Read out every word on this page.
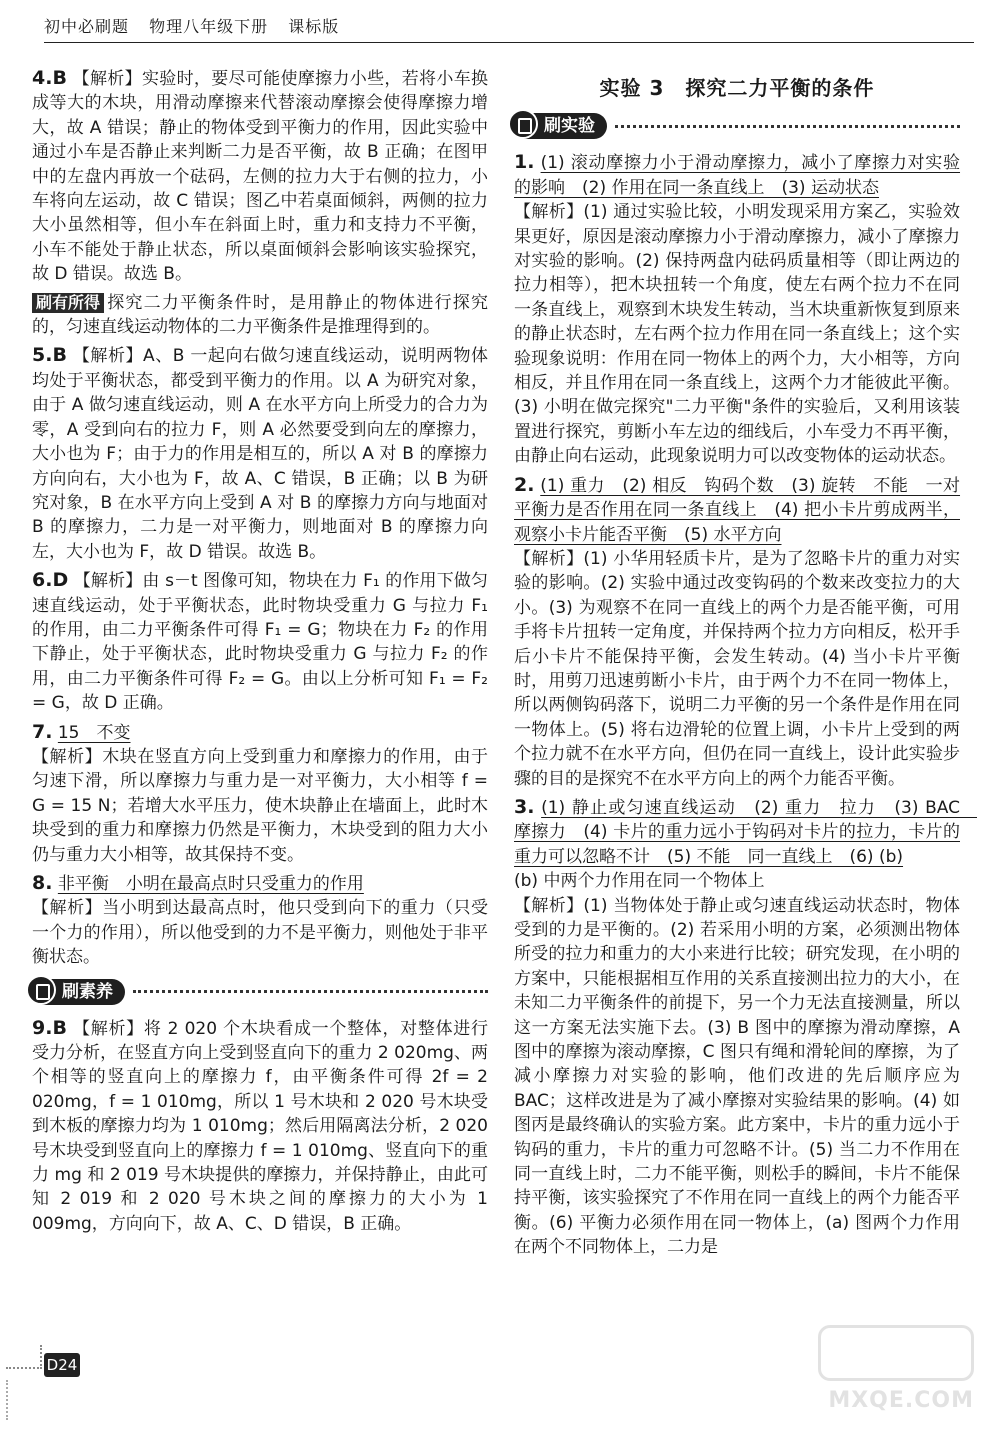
初中必刷题 物理八年级下册 课标版
4.B 【解析】实验时，要尽可能使摩擦力小些，若将小车换成等大的木块，用滑动摩擦来代替滚动摩擦会使得摩擦力增大，故 A 错误；静止的物体受到平衡力的作用，因此实验中通过小车是否静止来判断二力是否平衡，故 B 正确；在图甲中的左盘内再放一个砝码，左侧的拉力大于右侧的拉力，小车将向左运动，故 C 错误；图乙中若桌面倾斜，两侧的拉力大小虽然相等，但小车在斜面上时，重力和支持力不平衡，小车不能处于静止状态，所以桌面倾斜会影响该实验探究，故 D 错误。故选 B。
刷有所得 探究二力平衡条件时，是用静止的物体进行探究的，匀速直线运动物体的二力平衡条件是推理得到的。
5.B 【解析】A、B 一起向右做匀速直线运动，说明两物体均处于平衡状态，都受到平衡力的作用。以 A 为研究对象，由于 A 做匀速直线运动，则 A 在水平方向上所受力的合力为零，A 受到向右的拉力 F，则 A 必然要受到向左的摩擦力，大小也为 F；由于力的作用是相互的，所以 A 对 B 的摩擦力方向向右，大小也为 F，故 A、C 错误，B 正确；以 B 为研究对象，B 在水平方向上受到 A 对 B 的摩擦力方向与地面对 B 的摩擦力，二力是一对平衡力，则地面对 B 的摩擦力向左，大小也为 F，故 D 错误。故选 B。
6.D 【解析】由 s－t 图像可知，物块在力 F₁ 的作用下做匀速直线运动，处于平衡状态，此时物块受重力 G 与拉力 F₁ 的作用，由二力平衡条件可得 F₁ = G；物块在力 F₂ 的作用下静止，处于平衡状态，此时物块受重力 G 与拉力 F₂ 的作用，由二力平衡条件可得 F₂ = G。由以上分析可知 F₁ = F₂ = G，故 D 正确。
7. 15　不变
【解析】木块在竖直方向上受到重力和摩擦力的作用，由于匀速下滑，所以摩擦力与重力是一对平衡力，大小相等 f = G = 15 N；若增大水平压力，使木块静止在墙面上，此时木块受到的重力和摩擦力仍然是平衡力，木块受到的阻力大小仍与重力大小相等，故其保持不变。
8. 非平衡　小明在最高点时只受重力的作用
【解析】当小明到达最高点时，他只受到向下的重力（只受一个力的作用），所以他受到的力不是平衡力，则他处于非平衡状态。
刷素养
9.B 【解析】将 2 020 个木块看成一个整体，对整体进行受力分析，在竖直方向上受到竖直向下的重力 2 020mg、两个相等的竖直向上的摩擦力 f，由平衡条件可得 2f = 2 020mg，f = 1 010mg，所以 1 号木块和 2 020 号木块受到木板的摩擦力均为 1 010mg；然后用隔离法分析，2 020 号木块受到竖直向上的摩擦力 f = 1 010mg、竖直向下的重力 mg 和 2 019 号木块提供的摩擦力，并保持静止，由此可知 2 019 和 2 020 号木块之间的摩擦力的大小为 1 009mg，方向向下，故 A、C、D 错误，B 正确。
实验 3　探究二力平衡的条件
刷实验
1. (1) 滚动摩擦力小于滑动摩擦力，减小了摩擦力对实验的影响　(2) 作用在同一条直线上　(3) 运动状态
【解析】(1) 通过实验比较，小明发现采用方案乙，实验效果更好，原因是滚动摩擦力小于滑动摩擦力，减小了摩擦力对实验的影响。(2) 保持两盘内砝码质量相等（即让两边的拉力相等），把木块扭转一个角度，使左右两个拉力不在同一条直线上，观察到木块发生转动，当木块重新恢复到原来的静止状态时，左右两个拉力作用在同一条直线上；这个实验现象说明：作用在同一物体上的两个力，大小相等，方向相反，并且作用在同一条直线上，这两个力才能彼此平衡。(3) 小明在做完探究"二力平衡"条件的实验后，又利用该装置进行探究，剪断小车左边的细线后，小车受力不再平衡，由静止向右运动，此现象说明力可以改变物体的运动状态。
2. (1) 重力　(2) 相反　钩码个数　(3) 旋转　不能　一对平衡力是否作用在同一条直线上　(4) 把小卡片剪成两半，观察小卡片能否平衡　(5) 水平方向
【解析】(1) 小华用轻质卡片，是为了忽略卡片的重力对实验的影响。(2) 实验中通过改变钩码的个数来改变拉力的大小。(3) 为观察不在同一直线上的两个力是否能平衡，可用手将卡片扭转一定角度，并保持两个拉力方向相反，松开手后小卡片不能保持平衡，会发生转动。(4) 当小卡片平衡时，用剪刀迅速剪断小卡片，由于两个力不在同一物体上，所以两侧钩码落下，说明二力平衡的另一个条件是作用在同一物体上。(5) 将右边滑轮的位置上调，小卡片上受到的两个拉力就不在水平方向，但仍在同一直线上，设计此实验步骤的目的是探究不在水平方向上的两个力能否平衡。
3. (1) 静止或匀速直线运动　(2) 重力　拉力　(3) BAC　摩擦力　(4) 卡片的重力远小于钩码对卡片的拉力，卡片的重力可以忽略不计　(5) 不能　同一直线上　(6) (b)
(b) 中两个力作用在同一个物体上
【解析】(1) 当物体处于静止或匀速直线运动状态时，物体受到的力是平衡的。(2) 若采用小明的方案，必须测出物体所受的拉力和重力的大小来进行比较；研究发现，在小明的方案中，只能根据相互作用的关系直接测出拉力的大小，在未知二力平衡条件的前提下，另一个力无法直接测量，所以这一方案无法实施下去。(3) B 图中的摩擦为滑动摩擦，A 图中的摩擦为滚动摩擦，C 图只有绳和滑轮间的摩擦，为了减小摩擦力对实验的影响，他们改进的先后顺序应为 BAC；这样改进是为了减小摩擦对实验结果的影响。(4) 如图丙是最终确认的实验方案。此方案中，卡片的重力远小于钩码的重力，卡片的重力可忽略不计。(5) 当二力不作用在同一直线上时，二力不能平衡，则松手的瞬间，卡片不能保持平衡，该实验探究了不作用在同一直线上的两个力能否平衡。(6) 平衡力必须作用在同一物体上，(a) 图两个力作用在两个不同物体上，二力是
D24
MXQE.COM
